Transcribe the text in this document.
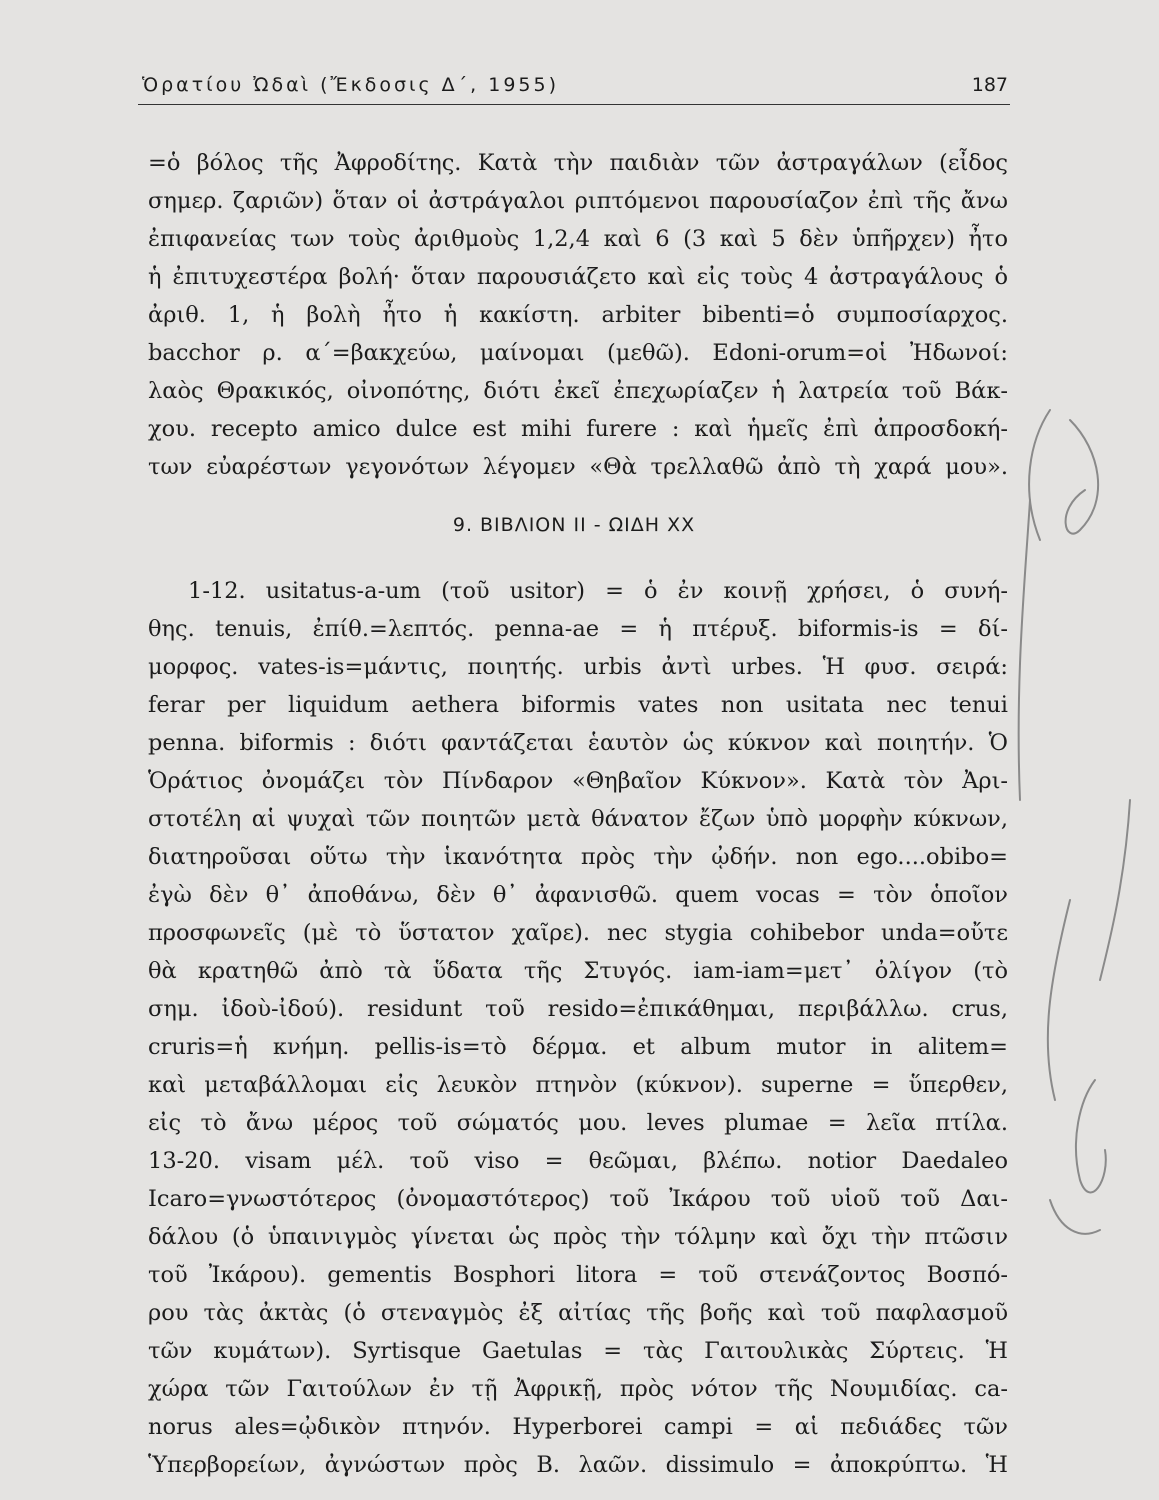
Ὁρατίου Ὠδαὶ (Ἔκδοσις Δ΄, 1955)	187
=ὁ βόλος τῆς Ἀφροδίτης. Κατὰ τὴν παιδιὰν τῶν ἀστραγάλων (εἶδος
σημερ. ζαριῶν) ὅταν οἱ ἀστράγαλοι ριπτόμενοι παρουσίαζον ἐπὶ τῆς ἄνω
ἐπιφανείας των τοὺς ἀριθμοὺς 1,2,4 καὶ 6 (3 καὶ 5 δὲν ὑπῆρχεν) ἦτο
ἡ ἐπιτυχεστέρα βολή· ὅταν παρουσιάζετο καὶ εἰς τοὺς 4 ἀστραγάλους ὁ
ἀριθ. 1, ἡ βολὴ ἦτο ἡ κακίστη. arbiter bibenti=ὁ συμποσίαρχος.
bacchor ρ. α΄=βακχεύω, μαίνομαι (μεθῶ). Edoni-orum=οἱ Ἠδωνοί:
λαὸς Θρακικός, οἰνοπότης, διότι ἐκεῖ ἐπεχωρίαζεν ἡ λατρεία τοῦ Βάκ-
χου. recepto amico dulce est mihi furere : καὶ ἡμεῖς ἐπὶ ἀπροσδοκή-
των εὐαρέστων γεγονότων λέγομεν «Θὰ τρελλαθῶ ἀπὸ τὴ χαρά μου».
9. ΒΙΒΛΙΟΝ ΙΙ - ΩΙΔΗ ΧΧ
1-12. usitatus-a-um (τοῦ usitor) = ὁ ἐν κοινῇ χρήσει, ὁ συνή-
θης. tenuis, ἐπίθ.=λεπτός. penna-ae = ἡ πτέρυξ. biformis-is = δί-
μορφος. vates-is=μάντις, ποιητής. urbis ἀντὶ urbes. Ἡ φυσ. σειρά:
ferar per liquidum aethera biformis vates non usitata nec tenui
penna. biformis : διότι φαντάζεται ἑαυτὸν ὡς κύκνον καὶ ποιητήν. Ὁ
Ὁράτιος ὀνομάζει τὸν Πίνδαρον «Θηβαῖον Κύκνον». Κατὰ τὸν Ἀρι-
στοτέλη αἱ ψυχαὶ τῶν ποιητῶν μετὰ θάνατον ἔζων ὑπὸ μορφὴν κύκνων,
διατηροῦσαι οὕτω τὴν ἱκανότητα πρὸς τὴν ᾠδήν. non ego....obibo=
ἐγὼ δὲν θ᾿ ἀποθάνω, δὲν θ᾿ ἀφανισθῶ. quem vocas = τὸν ὁποῖον
προσφωνεῖς (μὲ τὸ ὕστατον χαῖρε). nec stygia cohibebor unda=οὔτε
θὰ κρατηθῶ ἀπὸ τὰ ὕδατα τῆς Στυγός. iam-iam=μετ᾿ ὀλίγον (τὸ
σημ. ἰδοὺ-ἰδού). residunt τοῦ resido=ἐπικάθημαι, περιβάλλω. crus,
cruris=ἡ κνήμη. pellis-is=τὸ δέρμα. et album mutor in alitem=
καὶ μεταβάλλομαι εἰς λευκὸν πτηνὸν (κύκνον). superne = ὕπερθεν,
εἰς τὸ ἄνω μέρος τοῦ σώματός μου. leves plumae = λεῖα πτίλα.
13-20. visam μέλ. τοῦ viso = θεῶμαι, βλέπω. notior Daedaleo
Icaro=γνωστότερος (ὀνομαστότερος) τοῦ Ἰκάρου τοῦ υἱοῦ τοῦ Δαι-
δάλου (ὁ ὑπαινιγμὸς γίνεται ὡς πρὸς τὴν τόλμην καὶ ὄχι τὴν πτῶσιν
τοῦ Ἰκάρου). gementis Bosphori litora = τοῦ στενάζοντος Βοσπό-
ρου τὰς ἀκτὰς (ὁ στεναγμὸς ἐξ αἰτίας τῆς βοῆς καὶ τοῦ παφλασμοῦ
τῶν κυμάτων). Syrtisque Gaetulas = τὰς Γαιτουλικὰς Σύρτεις. Ἡ
χώρα τῶν Γαιτούλων ἐν τῇ Ἀφρικῇ, πρὸς νότον τῆς Νουμιδίας. ca-
norus ales=ᾠδικὸν πτηνόν. Hyperborei campi = αἱ πεδιάδες τῶν
Ὑπερβορείων, ἀγνώστων πρὸς Β. λαῶν. dissimulo = ἀποκρύπτω. Ἡ
